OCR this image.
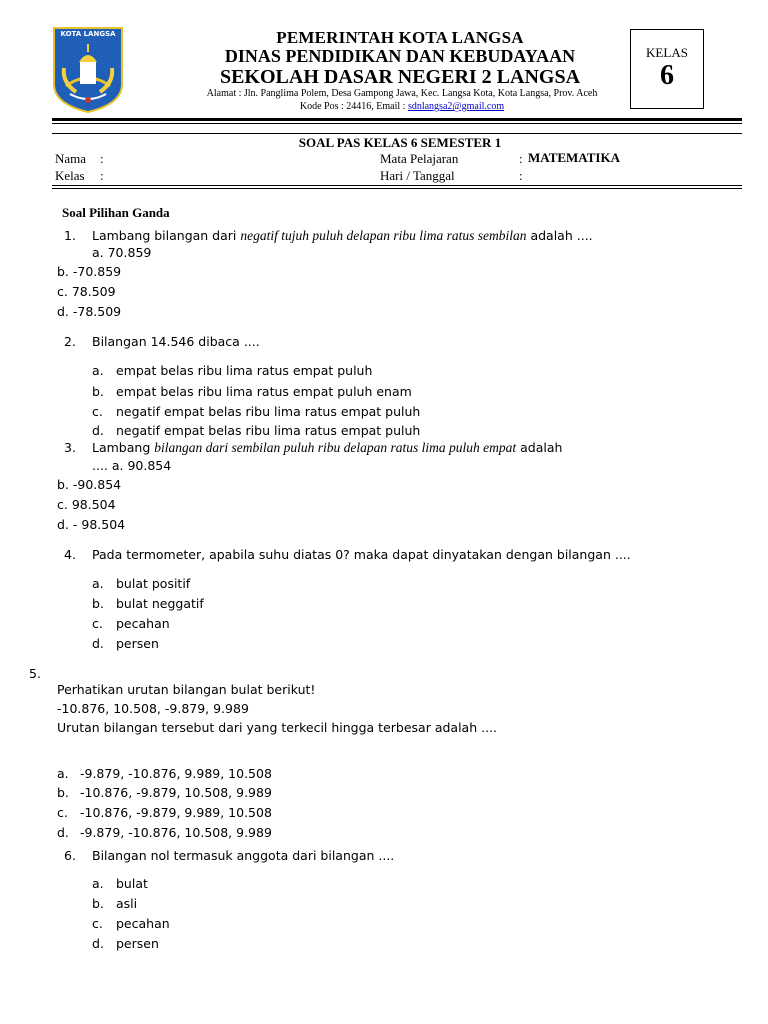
KOTA LANGSA	PEMERINTAH KOTA LANGSA
DINAS PENDIDIKAN DAN KEBUDAYAAN
SEKOLAH DASAR NEGERI 2 LANGSA
Alamat : Jln. Panglima Polem, Desa Gampong Jawa, Kec. Langsa Kota, Kota Langsa, Prov. Aceh
Kode Pos : 24416, Email : sdnlangsa2@gmail.com
KELAS
6
SOAL PAS KELAS 6 SEMESTER 1
Nama :
Kelas :
Mata Pelajaran	: MATEMATIKA
Hari / Tanggal	:
Soal Pilihan Ganda
1. Lambang bilangan dari negatif tujuh puluh delapan ribu lima ratus sembilan adalah ....
a. 70.859
b. -70.859
c. 78.509
d. -78.509
2. Bilangan 14.546 dibaca ....
a. empat belas ribu lima ratus empat puluh
b. empat belas ribu lima ratus empat puluh enam
c. negatif empat belas ribu lima ratus empat puluh
d. negatif empat belas ribu lima ratus empat puluh
3. Lambang bilangan dari sembilan puluh ribu delapan ratus lima puluh empat adalah
.... a. 90.854
b. -90.854
c. 98.504
d. - 98.504
4. Pada termometer, apabila suhu diatas 0? maka dapat dinyatakan dengan bilangan ....
a. bulat positif
b. bulat neggatif
c. pecahan
d. persen
5.
Perhatikan urutan bilangan bulat berikut!
-10.876, 10.508, -9.879, 9.989
Urutan bilangan tersebut dari yang terkecil hingga terbesar adalah ....
a. -9.879, -10.876, 9.989, 10.508
b. -10.876, -9.879, 10.508, 9.989
c. -10.876, -9.879, 9.989, 10.508
d. -9.879, -10.876, 10.508, 9.989
6. Bilangan nol termasuk anggota dari bilangan ....
a. bulat
b. asli
c. pecahan
d. persen
